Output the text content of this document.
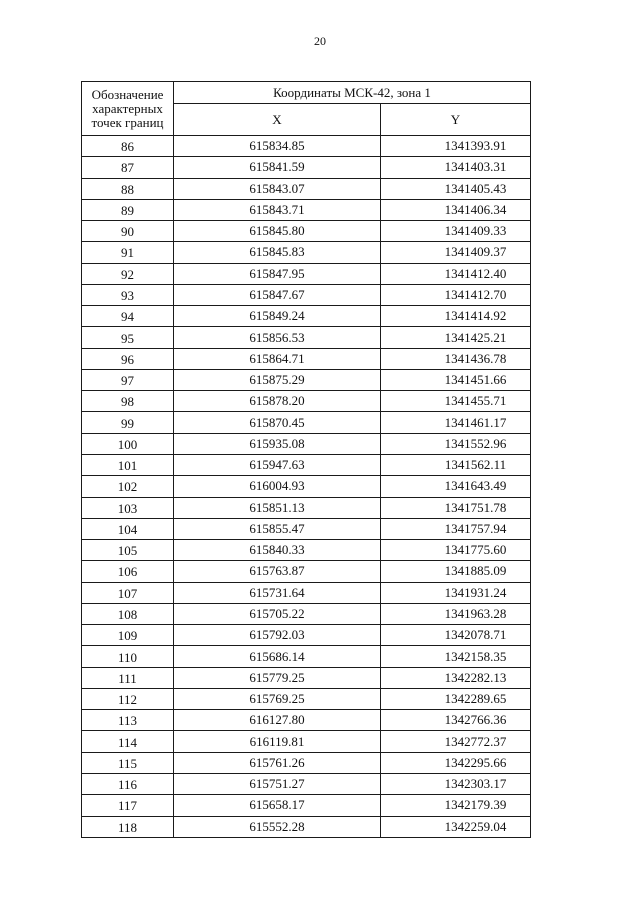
20
Обозначение
характерных
точек границ	Координаты МСК-42, зона 1	
	X	Y
86	615834.85	1341393.91
87	615841.59	1341403.31
88	615843.07	1341405.43
89	615843.71	1341406.34
90	615845.80	1341409.33
91	615845.83	1341409.37
92	615847.95	1341412.40
93	615847.67	1341412.70
94	615849.24	1341414.92
95	615856.53	1341425.21
96	615864.71	1341436.78
97	615875.29	1341451.66
98	615878.20	1341455.71
99	615870.45	1341461.17
100	615935.08	1341552.96
101	615947.63	1341562.11
102	616004.93	1341643.49
103	615851.13	1341751.78
104	615855.47	1341757.94
105	615840.33	1341775.60
106	615763.87	1341885.09
107	615731.64	1341931.24
108	615705.22	1341963.28
109	615792.03	1342078.71
110	615686.14	1342158.35
111	615779.25	1342282.13
112	615769.25	1342289.65
113	616127.80	1342766.36
114	616119.81	1342772.37
115	615761.26	1342295.66
116	615751.27	1342303.17
117	615658.17	1342179.39
118	615552.28	1342259.04
